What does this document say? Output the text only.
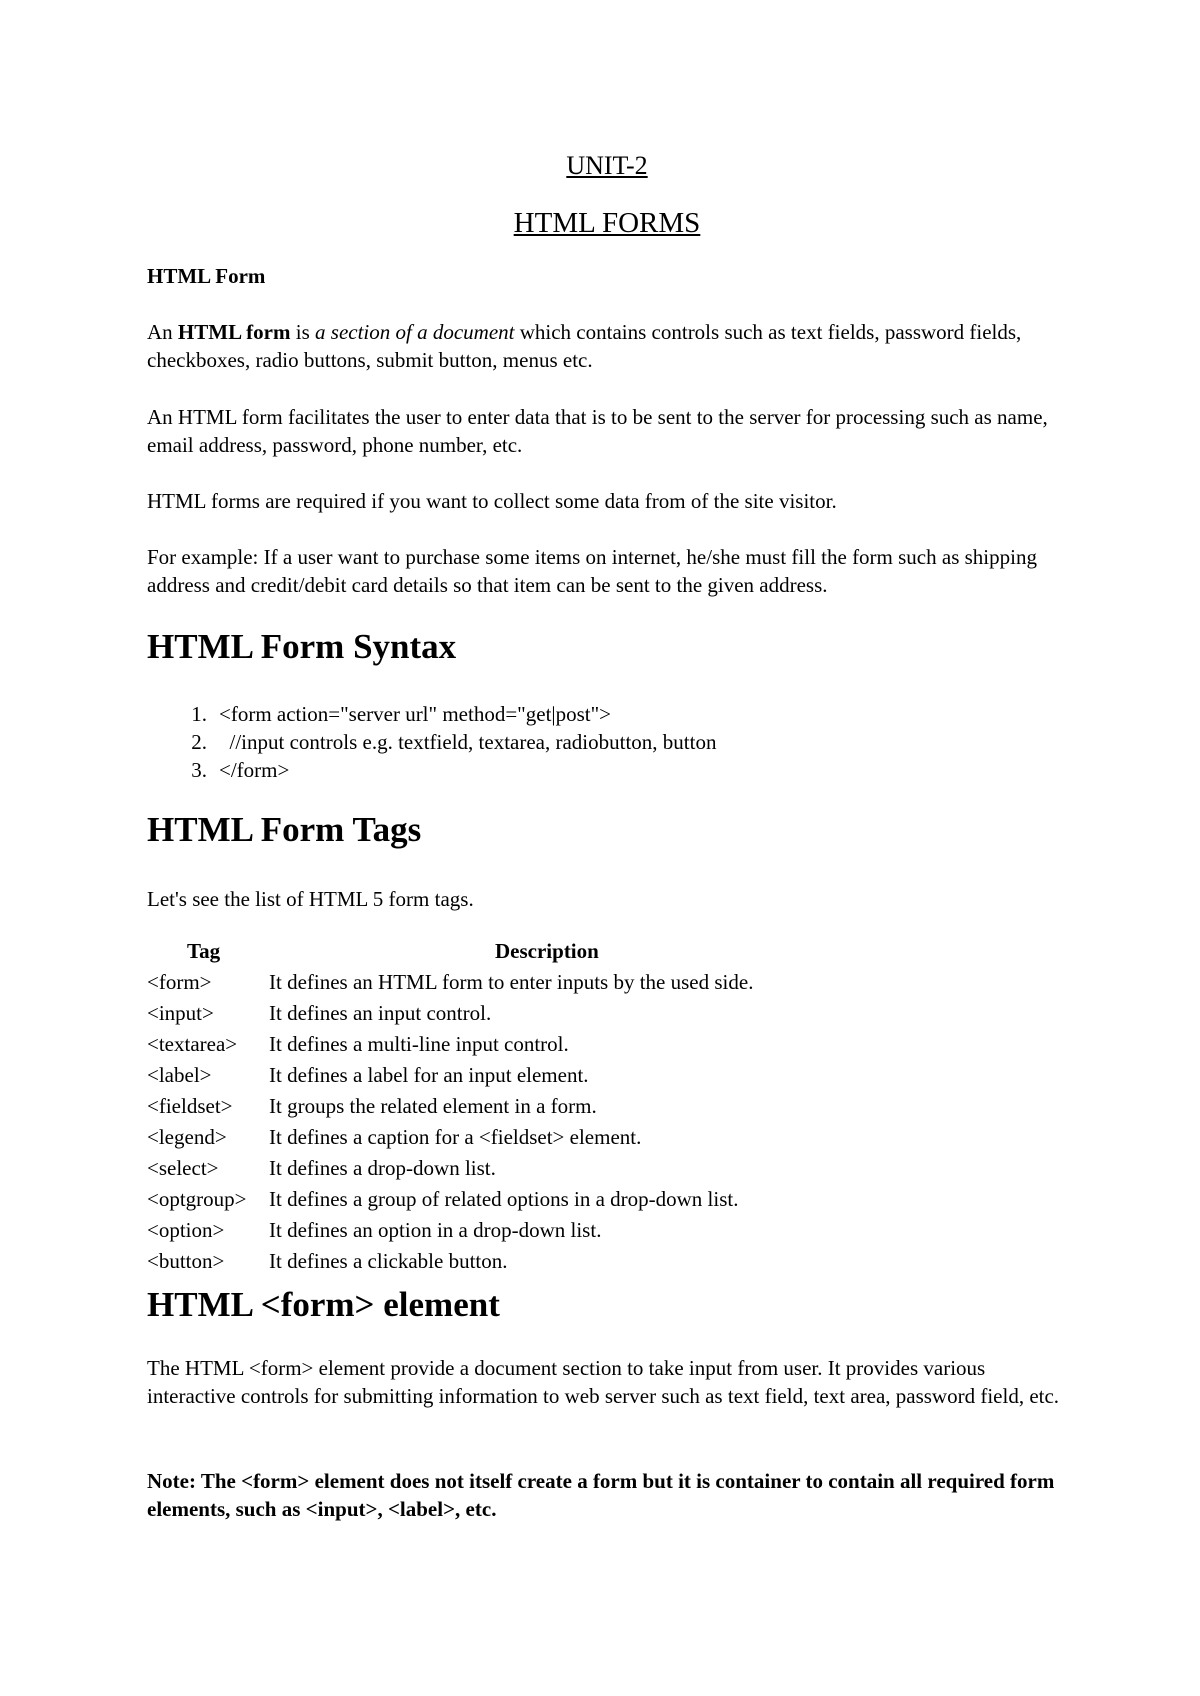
UNIT-2
HTML FORMS
HTML Form
An HTML form is a section of a document which contains controls such as text fields, password fields, checkboxes, radio buttons, submit button, menus etc.
An HTML form facilitates the user to enter data that is to be sent to the server for processing such as name, email address, password, phone number, etc.
HTML forms are required if you want to collect some data from of the site visitor.
For example: If a user want to purchase some items on internet, he/she must fill the form such as shipping address and credit/debit card details so that item can be sent to the given address.
HTML Form Syntax
1. <form action="server url" method="get|post">
2. //input controls e.g. textfield, textarea, radiobutton, button
3. </form>
HTML Form Tags
Let's see the list of HTML 5 form tags.
Tag	Description
<form>	It defines an HTML form to enter inputs by the used side.
<input>	It defines an input control.
<textarea> It defines a multi-line input control.
<label>	It defines a label for an input element.
<fieldset> It groups the related element in a form.
<legend> It defines a caption for a <fieldset> element.
<select> It defines a drop-down list.
<optgroup> It defines a group of related options in a drop-down list.
<option> It defines an option in a drop-down list.
<button> It defines a clickable button.
HTML <form> element
The HTML <form> element provide a document section to take input from user. It provides various interactive controls for submitting information to web server such as text field, text area, password field, etc.
Note: The <form> element does not itself create a form but it is container to contain all required form elements, such as <input>, <label>, etc.
